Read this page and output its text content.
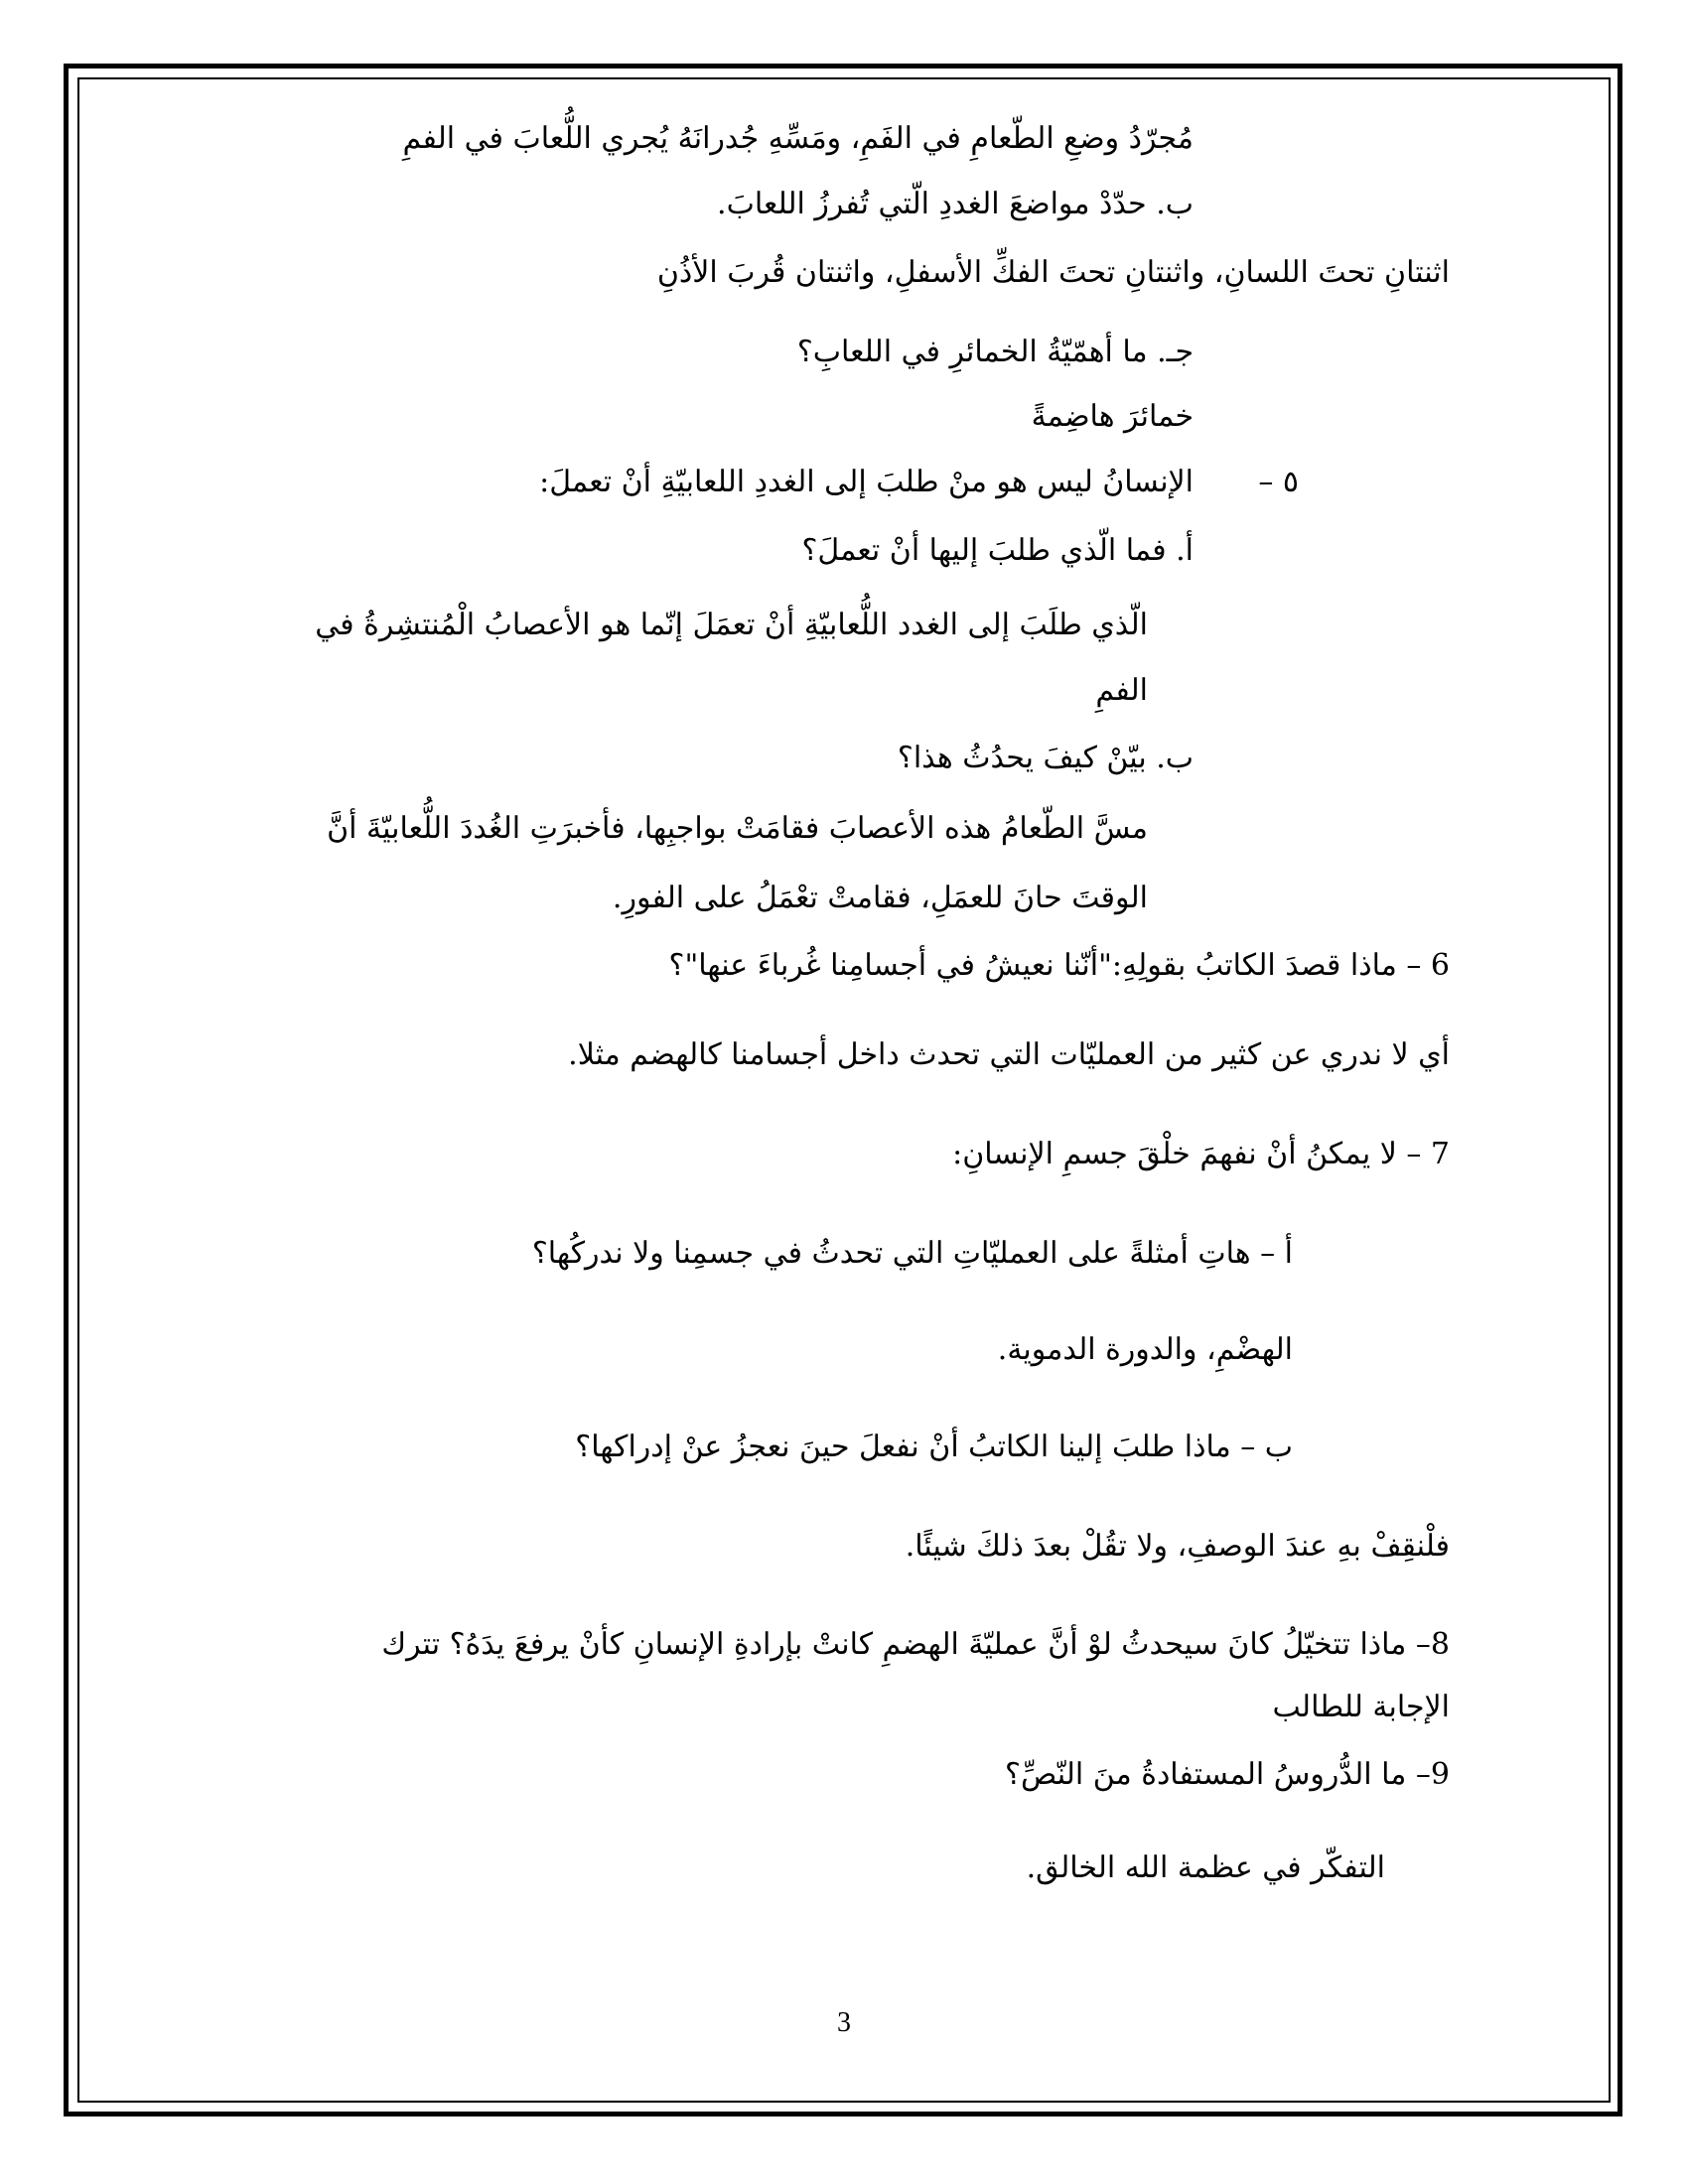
مُجرّدُ وضعِ الطّعامِ في الفَمِ، ومَسِّهِ جُدرانَهُ يُجري اللُّعابَ في الفمِ
ب. حدّدْ مواضعَ الغددِ الّتي تُفرزُ اللعابَ.
اثنتانِ تحتَ اللسانِ، واثنتانِ تحتَ الفكِّ الأسفلِ، واثنتان قُربَ الأذُنِ
جـ. ما أهمّيّةُ الخمائرِ في اللعابِ؟
خمائرَ هاضِمةً
٥ –
الإنسانُ ليس هو منْ طلبَ إلى الغددِ اللعابيّةِ أنْ تعملَ:
أ. فما الّذي طلبَ إليها أنْ تعملَ؟
الّذي طلَبَ إلى الغدد اللُّعابيّةِ أنْ تعمَلَ إنّما هو الأعصابُ الْمُنتشِرةُ في
الفمِ
ب. بيّنْ كيفَ يحدُثُ هذا؟
مسَّ الطّعامُ هذه الأعصابَ فقامَتْ بواجبِها، فأخبرَتِ الغُددَ اللُّعابيّةَ أنَّ
الوقتَ حانَ للعمَلِ، فقامتْ تعْمَلُ على الفورِ.
6 – ماذا قصدَ الكاتبُ بقولِهِ:"أنّنا نعيشُ في أجسامِنا غُرباءَ عنها"؟
أي لا ندري عن كثير من العمليّات التي تحدث داخل أجسامنا كالهضم مثلا.
7 – لا يمكنُ أنْ نفهمَ خلْقَ جسمِ الإنسانِ:
أ – هاتِ أمثلةً على العمليّاتِ التي تحدثُ في جسمِنا ولا ندركُها؟
الهضْمِ، والدورة الدموية.
ب – ماذا طلبَ إلينا الكاتبُ أنْ نفعلَ حينَ نعجزُ عنْ إدراكها؟
فلْنقِفْ بهِ عندَ الوصفِ، ولا تقُلْ بعدَ ذلكَ شيئًا.
8– ماذا تتخيّلُ كانَ سيحدثُ لوْ أنَّ عمليّةَ الهضمِ كانتْ بإرادةِ الإنسانِ كأنْ يرفعَ يدَهُ؟ تترك
الإجابة للطالب
9– ما الدُّروسُ المستفادةُ منَ النّصِّ؟
التفكّر في عظمة الله الخالق.
3
